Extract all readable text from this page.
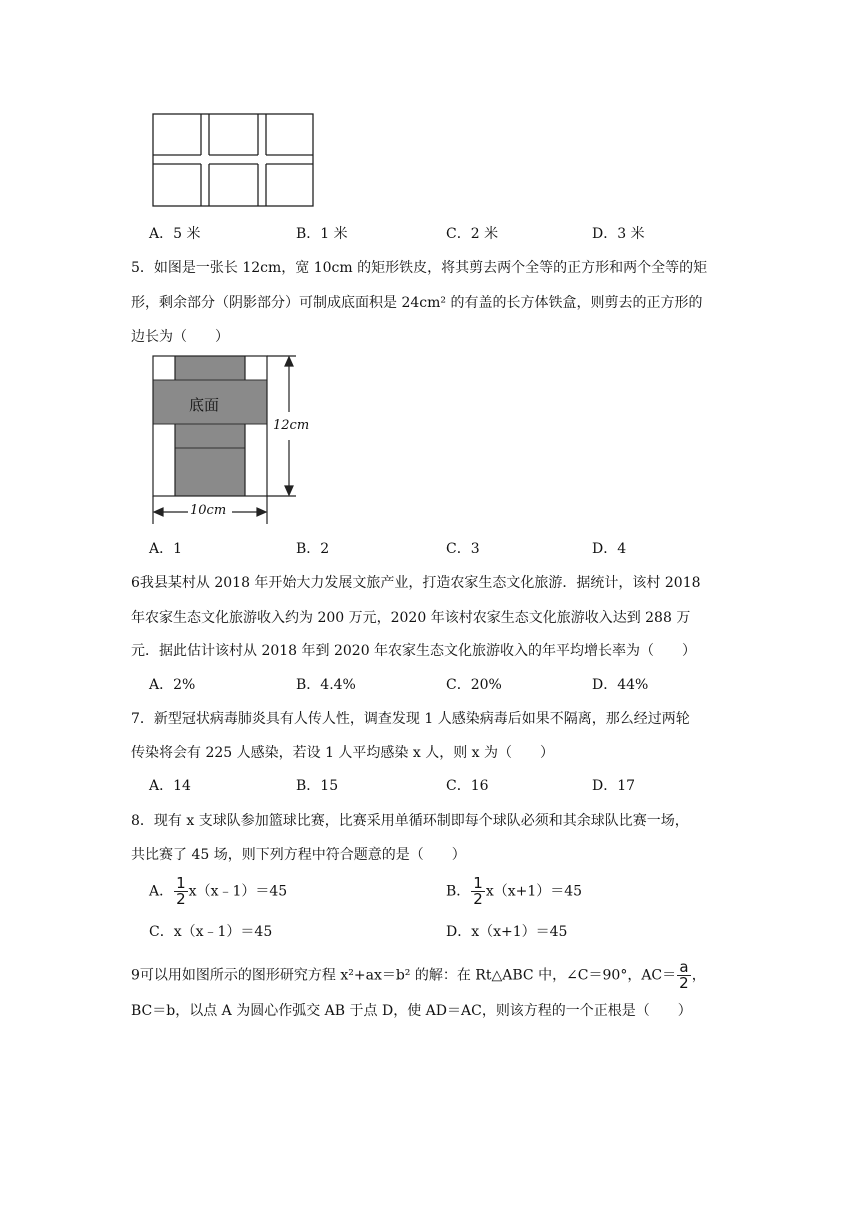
A．5 米	B．1 米	C．2 米	D．3 米
5．如图是一张长 12cm，宽 10cm 的矩形铁皮，将其剪去两个全等的正方形和两个全等的矩
形，剩余部分（阴影部分）可制成底面积是 24cm² 的有盖的长方体铁盒，则剪去的正方形的
边长为（　　）
底面
12cm
10cm
A．1	B．2	C．3	D．4
6我县某村从 2018 年开始大力发展文旅产业，打造农家生态文化旅游．据统计，该村 2018
年农家生态文化旅游收入约为 200 万元，2020 年该村农家生态文化旅游收入达到 288 万
元．据此估计该村从 2018 年到 2020 年农家生态文化旅游收入的年平均增长率为（　　）
A．2%	B．4.4%	C．20%	D．44%
7．新型冠状病毒肺炎具有人传人性，调查发现 1 人感染病毒后如果不隔离，那么经过两轮
传染将会有 225 人感染，若设 1 人平均感染 x 人，则 x 为（　　）
A．14	B．15	C．16	D．17
8．现有 x 支球队参加篮球比赛，比赛采用单循环制即每个球队必须和其余球队比赛一场，
共比赛了 45 场，则下列方程中符合题意的是（　　）
A． $\frac{1}{2}$ x（x﹣1）＝45	B． $\frac{1}{2} x(x+1)=45$
C．x（x﹣1）＝45	D．x（x+1）＝45
9可以用如图所示的图形研究方程 x²+ax＝b² 的解：在 Rt△ABC 中，∠C＝90°，$AC= \frac{a}{2}$ ，
BC＝b，以点 A 为圆心作弧交 AB 于点 D，使 AD＝AC，则该方程的一个正根是（　　）
